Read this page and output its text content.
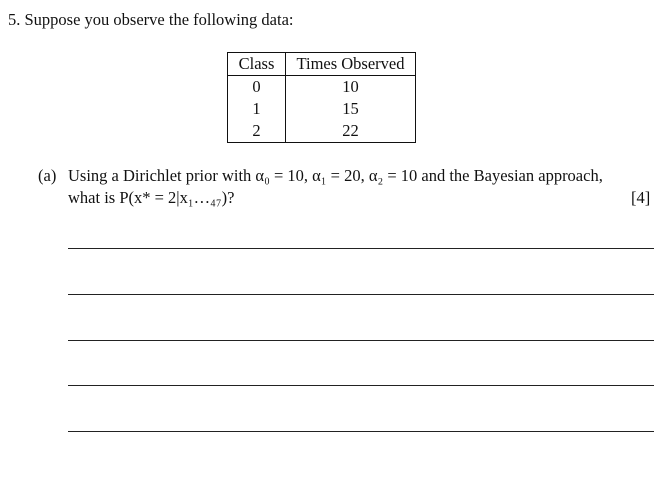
5. Suppose you observe the following data:
Class	Times Observed
0	10
1	15
2	22
(a) Using a Dirichlet prior with α₀ = 10, α₁ = 20, α₂ = 10 and the Bayesian approach,
what is P(x* = 2|x₁…₄₇)?	[4]
